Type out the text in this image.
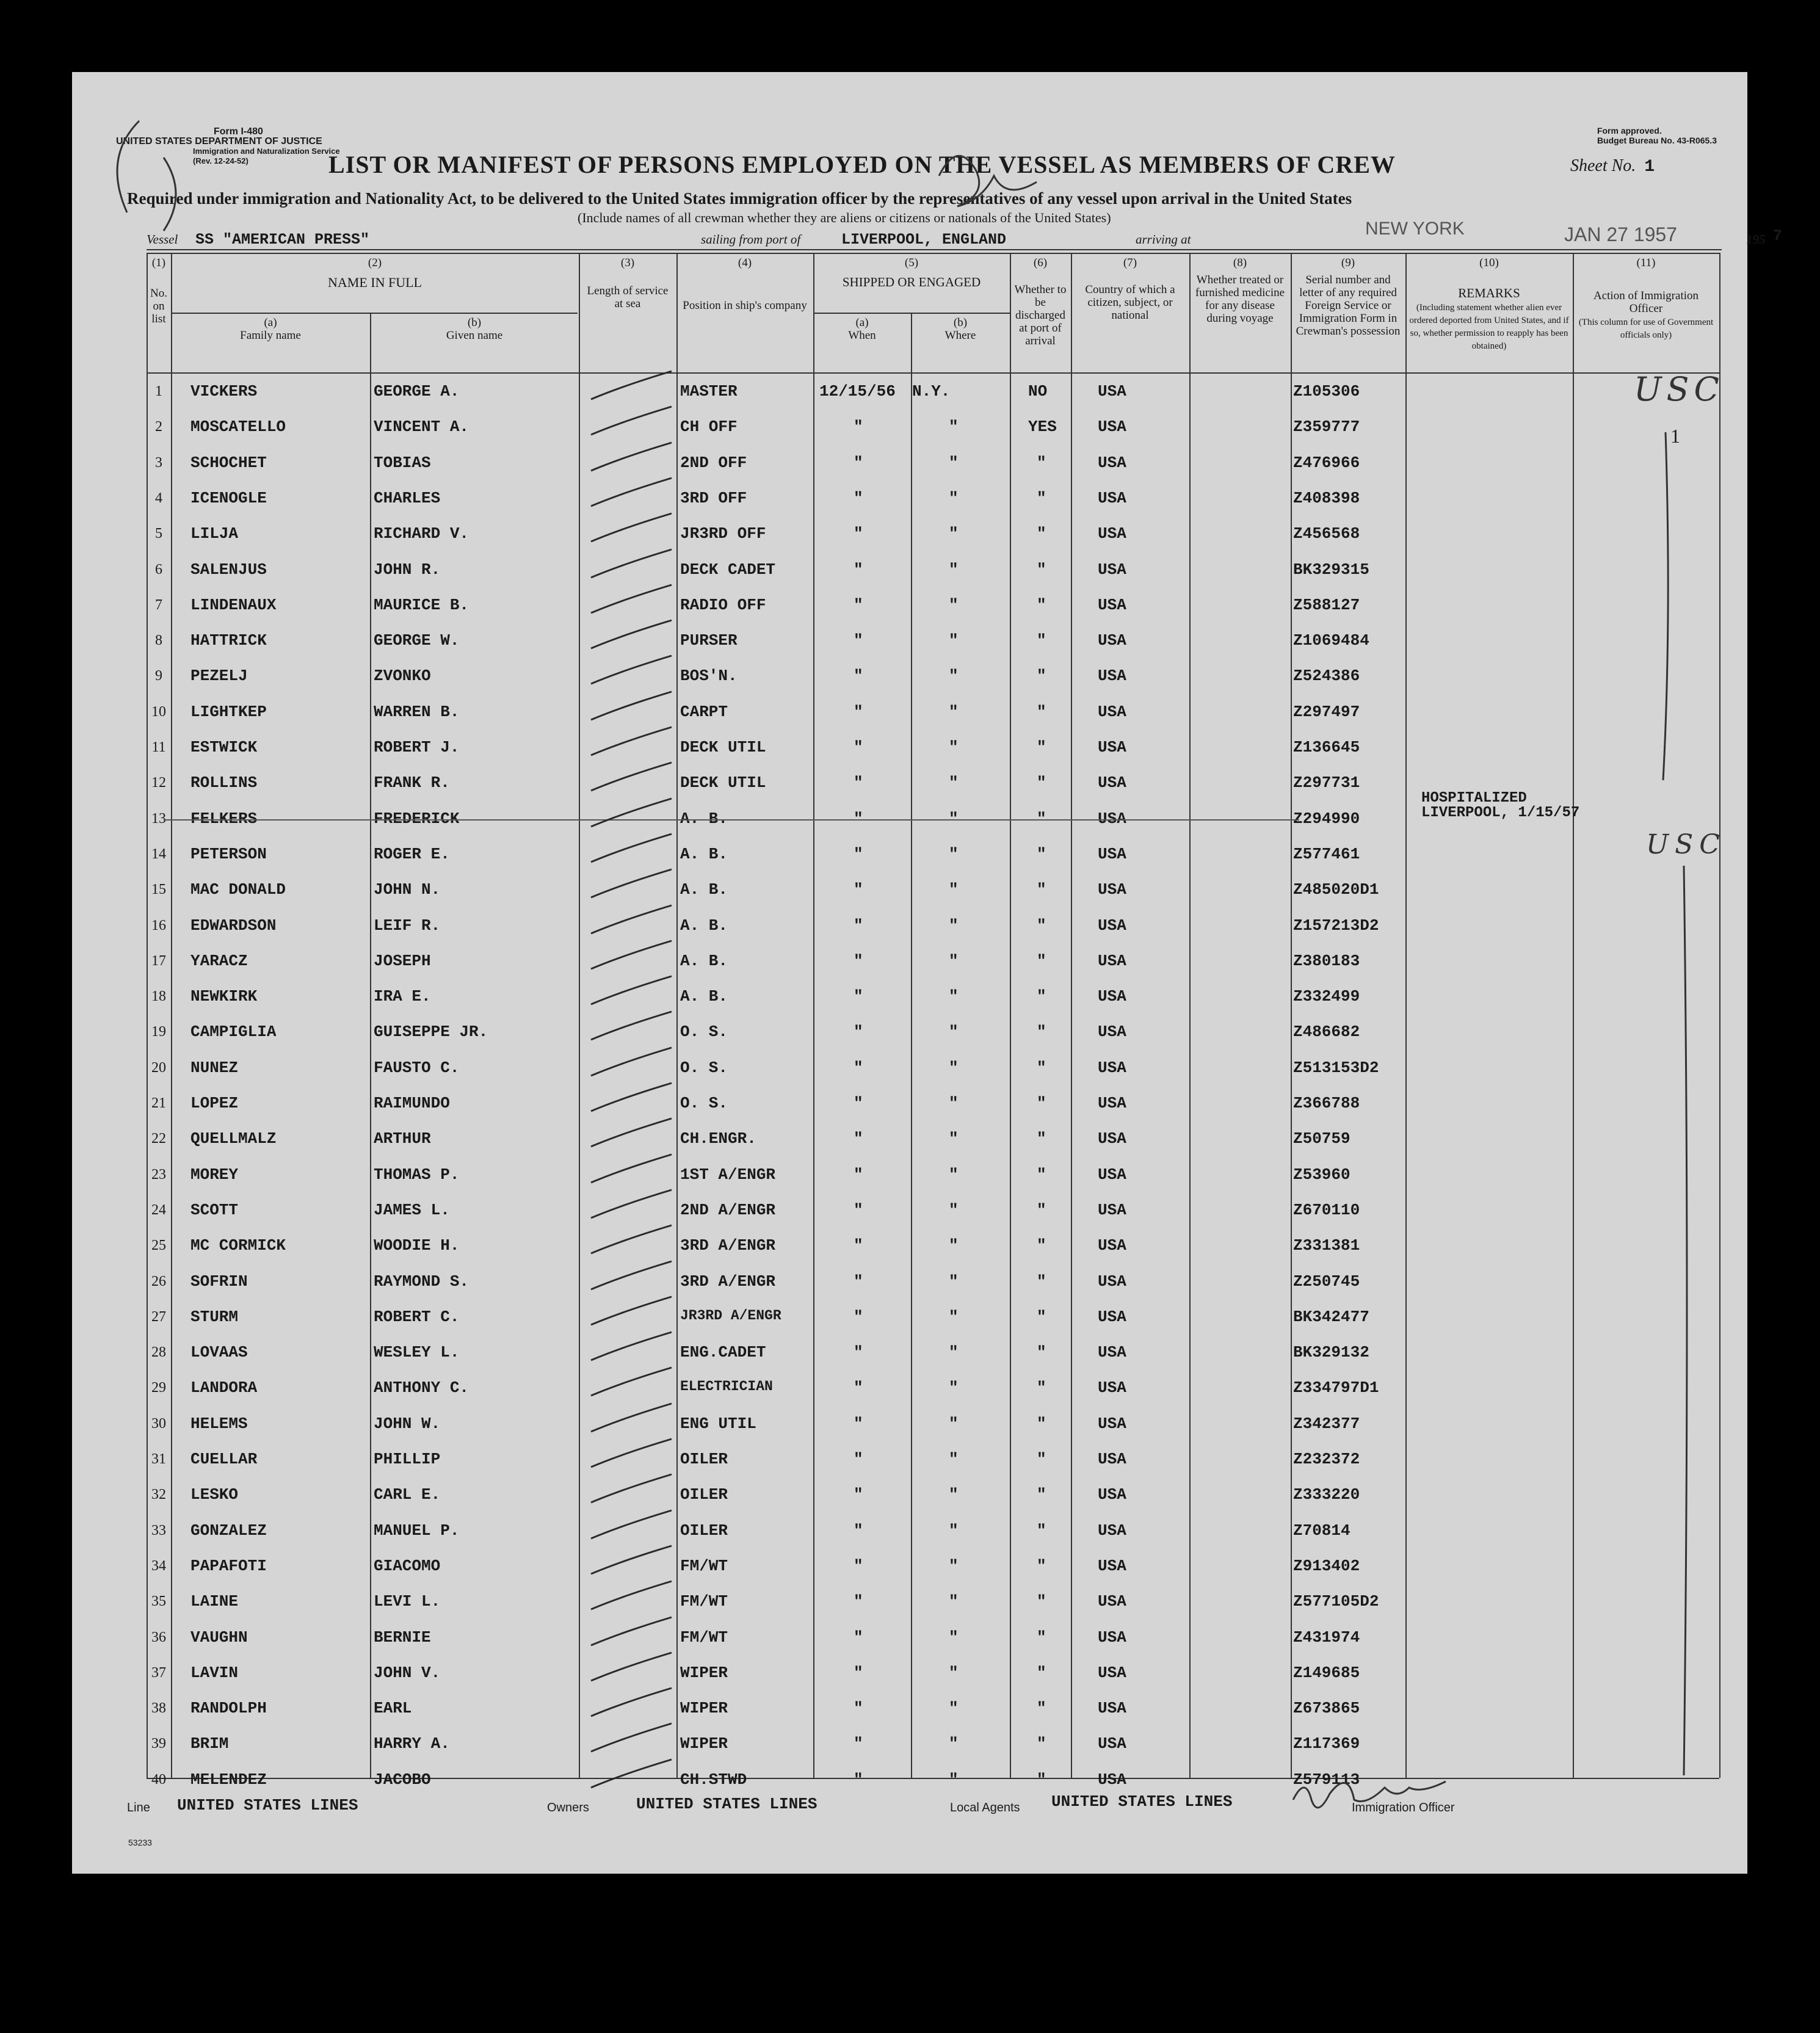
Form I-480
UNITED STATES DEPARTMENT OF JUSTICE
Immigration and Naturalization Service
(Rev. 12-24-52)
Form approved.
Budget Bureau No. 43-R065.3
LIST OR MANIFEST OF PERSONS EMPLOYED ON THE VESSEL AS MEMBERS OF CREW	Sheet No. 1
Required under immigration and Nationality Act, to be delivered to the United States immigration officer by the representatives of any vessel upon arrival in the United States
(Include names of all crewman whether they are aliens or citizens or nationals of the United States)
Vessel SS "AMERICAN PRESS"	sailing from port of	LIVERPOOL, ENGLAND	arriving at
NEW YORK	JAN 27 1957	195 7
(1)
No. on list
(2)
NAME IN FULL
(a)
Family name
(b)
Given name
(3)
Length of service at sea
(4)
Position in ship's company
(5)
SHIPPED OR ENGAGED
(a)
When
(b)
Where
(6)
Whether to be discharged at port of arrival
(7)
Country of which a citizen, subject, or national
(8)
Whether treated or furnished medicine for any disease during voyage
(9)
Serial number and letter of any required Foreign Service or Immigration Form in Crewman's possession
(10)
REMARKS
(Including statement whether alien ever ordered deported from United States, and if so, whether permission to reapply has been obtained)
(11)
Action of Immigration Officer
(This column for use of Government officials only)
1	VICKERS	GEORGE A.	MASTER	12/15/56 N.Y.	NO	USA	Z105306
2	MOSCATELLO	VINCENT A.	CH OFF	"	"	YES	USA	Z359777
3	SCHOCHET	TOBIAS	2ND OFF	"	"	"	USA	Z476966
4	ICENOGLE	CHARLES	3RD OFF	"	"	"	USA	Z408398
5	LILJA	RICHARD V.	JR3RD OFF	"	"	"	USA	Z456568
6	SALENJUS	JOHN R.	DECK CADET	"	"	"	USA	BK329315
7	LINDENAUX	MAURICE B.	RADIO OFF	"	"	"	USA	Z588127
8	HATTRICK	GEORGE W.	PURSER	"	"	"	USA	Z1069484
9	PEZELJ	ZVONKO	BOS'N.	"	"	"	USA	Z524386
10	LIGHTKEP	WARREN B.	CARPT	"	"	"	USA	Z297497
11	ESTWICK	ROBERT J.	DECK UTIL	"	"	"	USA	Z136645
12	ROLLINS	FRANK R.	DECK UTIL	"	"	"	USA	Z297731
13	FELKERS	FREDERICK	A. B.	"	"	"	USA	Z294990
HOSPITALIZED
LIVERPOOL, 1/15/57
14	PETERSON	ROGER E.	A. B.	"	"	"	USA	Z577461
15	MAC DONALD	JOHN N.	A. B.	"	"	"	USA	Z485020D1
16	EDWARDSON	LEIF R.	A. B.	"	"	"	USA	Z157213D2
17	YARACZ	JOSEPH	A. B.	"	"	"	USA	Z380183
18	NEWKIRK	IRA E.	A. B.	"	"	"	USA	Z332499
19	CAMPIGLIA	GUISEPPE JR.	O. S.	"	"	"	USA	Z486682
20	NUNEZ	FAUSTO C.	O. S.	"	"	"	USA	Z513153D2
21	LOPEZ	RAIMUNDO	O. S.	"	"	"	USA	Z366788
22	QUELLMALZ	ARTHUR	CH.ENGR.	"	"	"	USA	Z50759
23	MOREY	THOMAS P.	1ST A/ENGR	"	"	"	USA	Z53960
24	SCOTT	JAMES L.	2ND A/ENGR	"	"	"	USA	Z670110
25	MC CORMICK	WOODIE H.	3RD A/ENGR	"	"	"	USA	Z331381
26	SOFRIN	RAYMOND S.	3RD A/ENGR	"	"	"	USA	Z250745
27	STURM	ROBERT C.	JR3RD A/ENGR	"	"	"	USA	BK342477
28	LOVAAS	WESLEY L.	ENG.CADET	"	"	"	USA	BK329132
29	LANDORA	ANTHONY C.	ELECTRICIAN	"	"	"	USA	Z334797D1
30	HELEMS	JOHN W.	ENG UTIL	"	"	"	USA	Z342377
31	CUELLAR	PHILLIP	OILER	"	"	"	USA	Z232372
32	LESKO	CARL E.	OILER	"	"	"	USA	Z333220
33	GONZALEZ	MANUEL P.	OILER	"	"	"	USA	Z70814
34	PAPAFOTI	GIACOMO	FM/WT	"	"	"	USA	Z913402
35	LAINE	LEVI L.	FM/WT	"	"	"	USA	Z577105D2
36	VAUGHN	BERNIE	FM/WT	"	"	"	USA	Z431974
37	LAVIN	JOHN V.	WIPER	"	"	"	USA	Z149685
38	RANDOLPH	EARL	WIPER	"	"	"	USA	Z673865
39	BRIM	HARRY A.	WIPER	"	"	"	USA	Z117369
40	MELENDEZ	JACOBO	CH.STWD	"	"	"	USA	Z579113
USC
USC
1
Line UNITED STATES LINES	Owners	UNITED STATES LINES	Local Agents UNITED STATES LINES	Immigration Officer
53233
